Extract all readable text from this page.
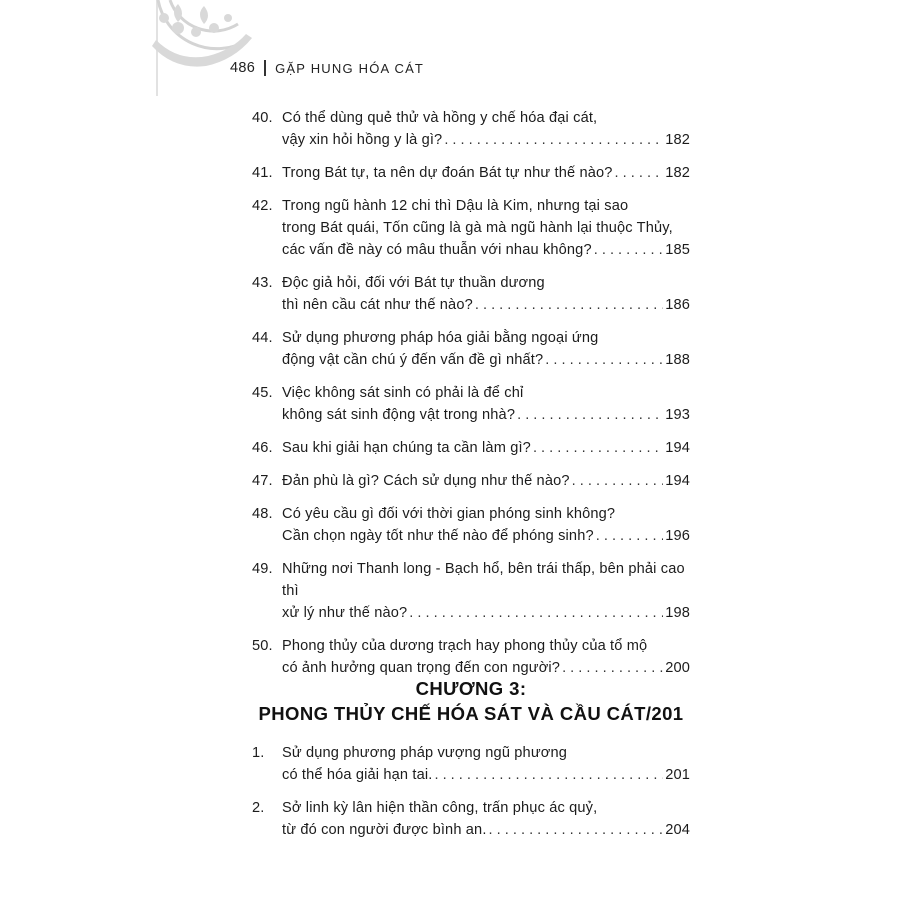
486 GẶP HUNG HÓA CÁT
40. Có thể dùng quẻ thử và hồng y chế hóa đại cát,
vậy xin hỏi hồng y là gì? . . .	182
41. Trong Bát tự, ta nên dự đoán Bát tự như thế nào? . . .	182
42. Trong ngũ hành 12 chi thì Dậu là Kim, nhưng tại sao
trong Bát quái, Tốn cũng là gà mà ngũ hành lại thuộc Thủy,
các vấn đề này có mâu thuẫn với nhau không? . . .	185
43. Độc giả hỏi, đối với Bát tự thuần dương
thì nên cầu cát như thế nào? . . .	186
44. Sử dụng phương pháp hóa giải bằng ngoại ứng
động vật cần chú ý đến vấn đề gì nhất? . . .	188
45. Việc không sát sinh có phải là để chỉ
không sát sinh động vật trong nhà? . . .	193
46. Sau khi giải hạn chúng ta cần làm gì? . . .	194
47. Đản phù là gì? Cách sử dụng như thế nào? . . .	194
48. Có yêu cầu gì đối với thời gian phóng sinh không?
Cần chọn ngày tốt như thế nào để phóng sinh? . . .	196
49. Những nơi Thanh long - Bạch hổ, bên trái thấp, bên phải cao thì
xử lý như thế nào? . . .	198
50. Phong thủy của dương trạch hay phong thủy của tổ mộ
có ảnh hưởng quan trọng đến con người? . . .	200
CHƯƠNG 3:
PHONG THỦY CHẾ HÓA SÁT VÀ CẦU CÁT/201
1.	Sử dụng phương pháp vượng ngũ phương
có thể hóa giải hạn tai. . . .	201
2.	Sở linh kỳ lân hiện thần công, trấn phục ác quỷ,
từ đó con người được bình an. . . .	204
